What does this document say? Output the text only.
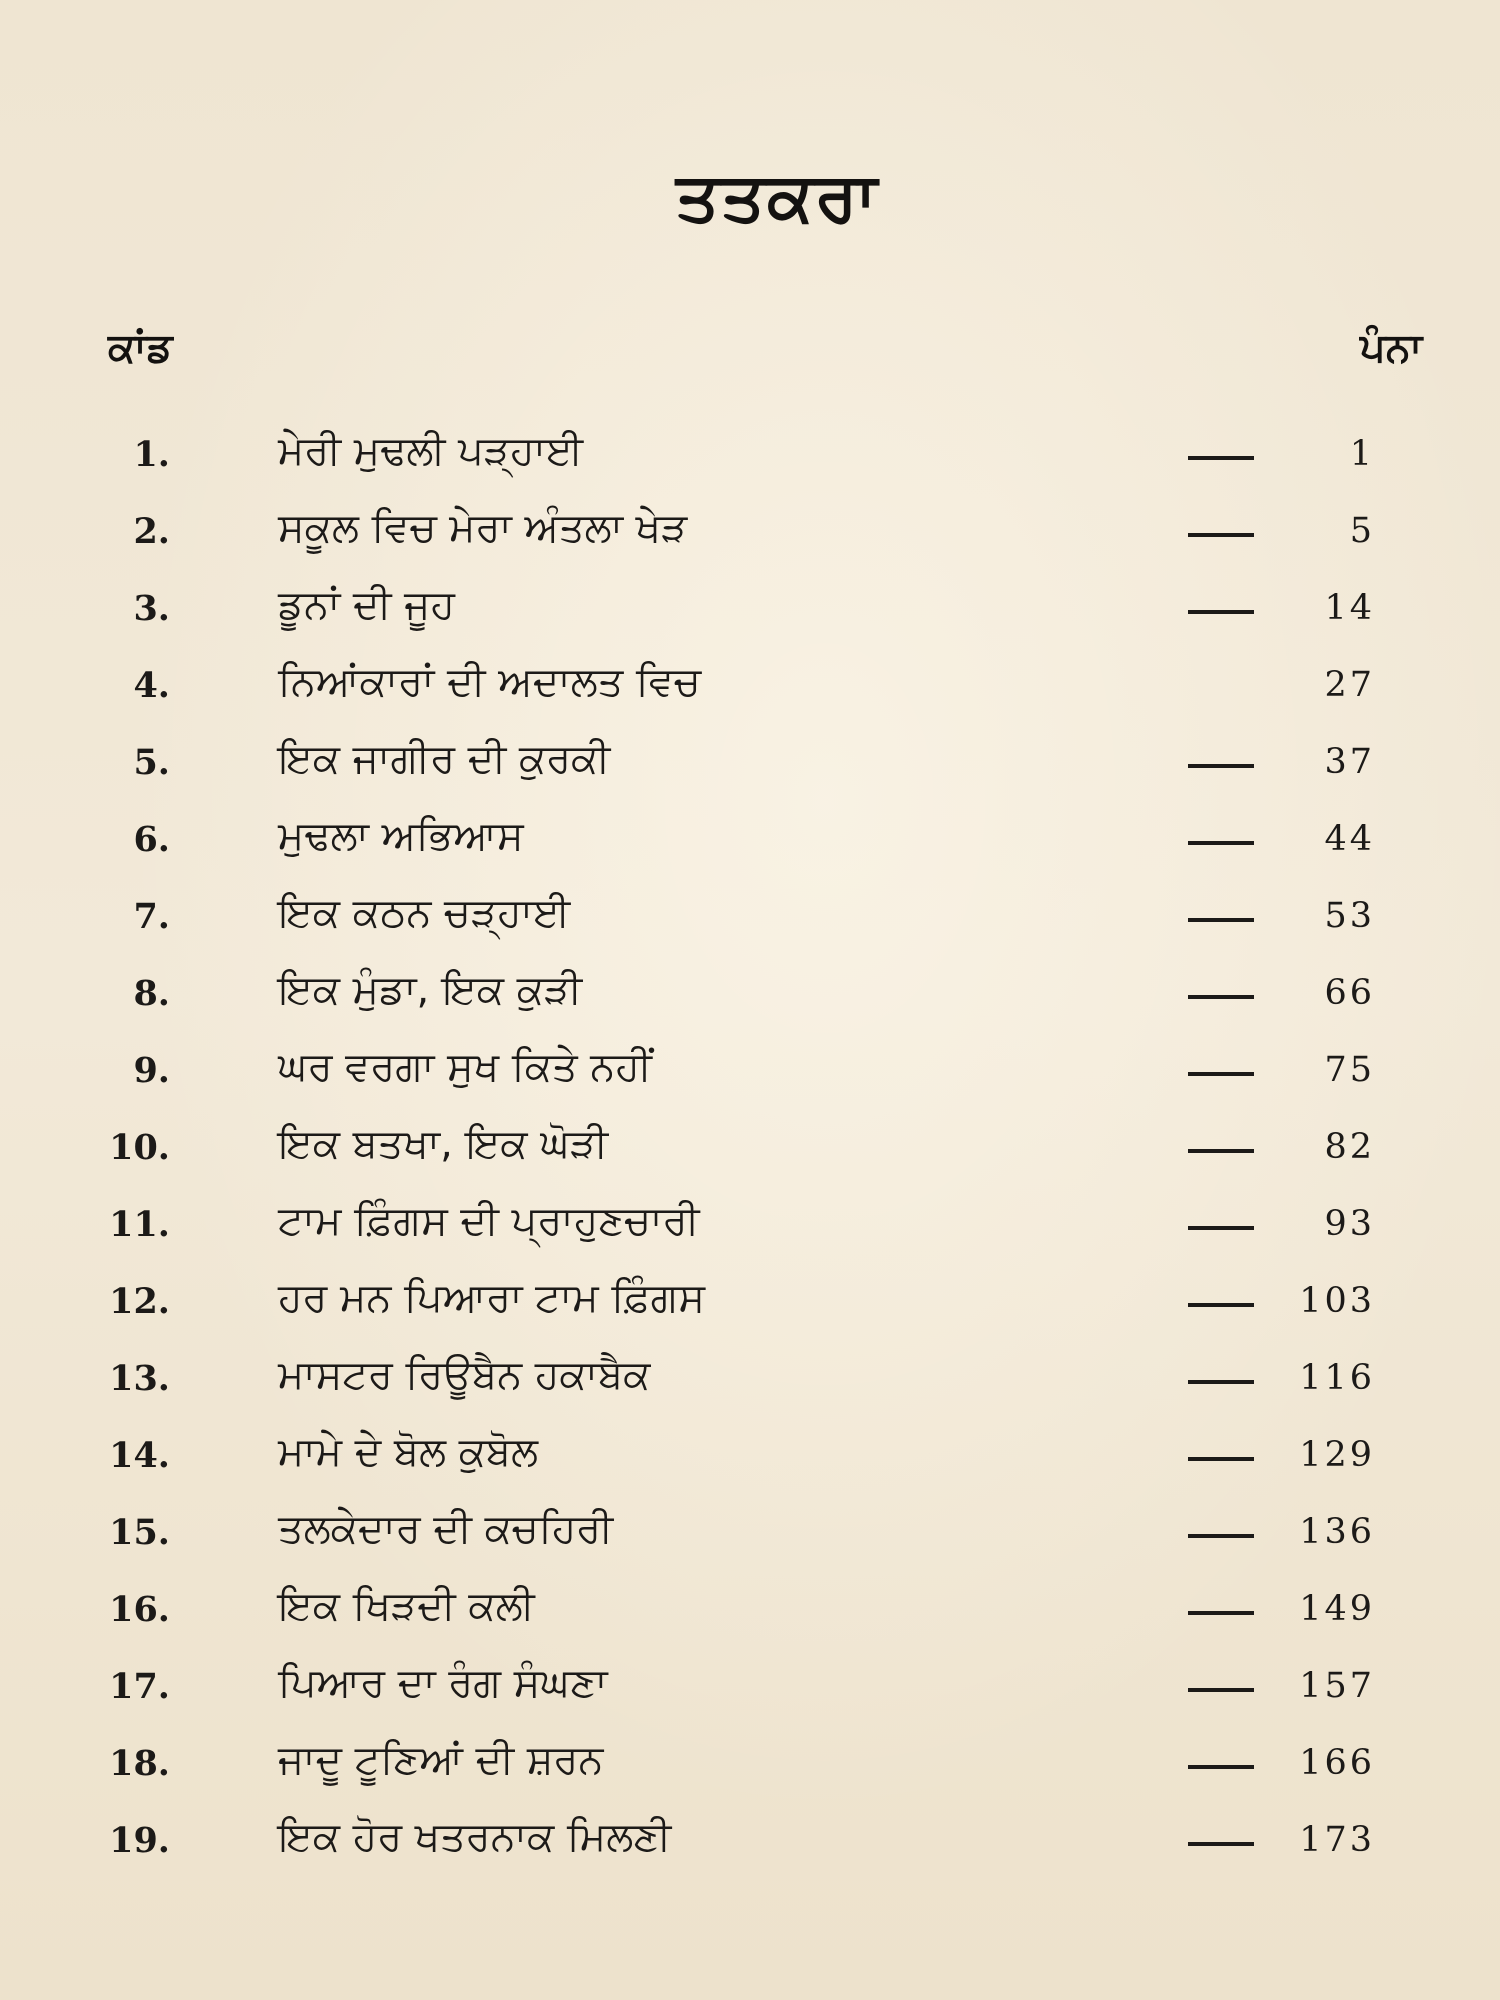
ਤਤਕਰਾ
ਕਾਂਡ	ਪੰਨਾ
1.	ਮੇਰੀ ਮੁਢਲੀ ਪੜ੍ਹਾਈ	1
2.	ਸਕੂਲ ਵਿਚ ਮੇਰਾ ਅੰਤਲਾ ਖੇੜ	5
3.	ਡੂਨਾਂ ਦੀ ਜੂਹ	14
4.	ਨਿਆਂਕਾਰਾਂ ਦੀ ਅਦਾਲਤ ਵਿਚ	27
5.	ਇਕ ਜਾਗੀਰ ਦੀ ਕੁਰਕੀ	37
6.	ਮੁਢਲਾ ਅਭਿਆਸ	44
7.	ਇਕ ਕਠਨ ਚੜ੍ਹਾਈ	53
8.	ਇਕ ਮੁੰਡਾ, ਇਕ ਕੁੜੀ	66
9.	ਘਰ ਵਰਗਾ ਸੁਖ ਕਿਤੇ ਨਹੀਂ	75
10.	ਇਕ ਬਤਖਾ, ਇਕ ਘੋੜੀ	82
11.	ਟਾਮ ਫ਼ਿੰਗਸ ਦੀ ਪ੍ਰਾਹੁਣਚਾਰੀ	93
12.	ਹਰ ਮਨ ਪਿਆਰਾ ਟਾਮ ਫ਼ਿੰਗਸ	103
13.	ਮਾਸਟਰ ਰਿਊਬੈਨ ਹਕਾਬੈਕ	116
14.	ਮਾਮੇ ਦੇ ਬੋਲ ਕੁਬੋਲ	129
15.	ਤਲਕੇਦਾਰ ਦੀ ਕਚਹਿਰੀ	136
16.	ਇਕ ਖਿੜਦੀ ਕਲੀ	149
17.	ਪਿਆਰ ਦਾ ਰੰਗ ਸੰਘਣਾ	157
18.	ਜਾਦੂ ਟੂਣਿਆਂ ਦੀ ਸ਼ਰਨ	166
19.	ਇਕ ਹੋਰ ਖਤਰਨਾਕ ਮਿਲਣੀ	173
